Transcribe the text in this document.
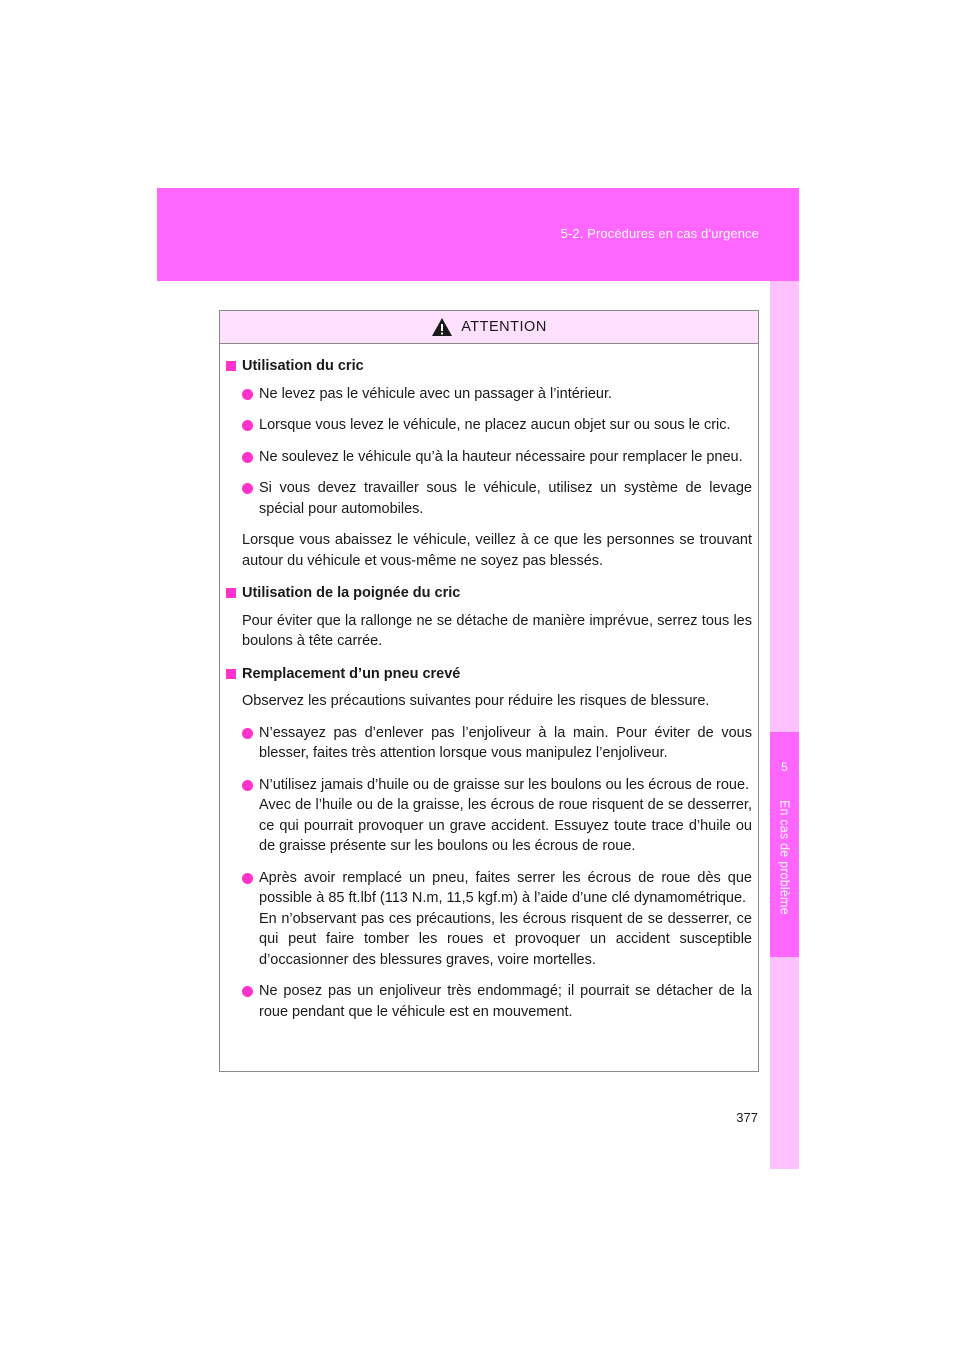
5-2. Procédures en cas d’urgence
5
En cas de problème
ATTENTION
Utilisation du cric
Ne levez pas le véhicule avec un passager à l’intérieur.
Lorsque vous levez le véhicule, ne placez aucun objet sur ou sous le cric.
Ne soulevez le véhicule qu’à la hauteur nécessaire pour remplacer le pneu.
Si vous devez travailler sous le véhicule, utilisez un système de levage spécial pour automobiles.
Lorsque vous abaissez le véhicule, veillez à ce que les personnes se trouvant autour du véhicule et vous-même ne soyez pas blessés.
Utilisation de la poignée du cric
Pour éviter que la rallonge ne se détache de manière imprévue, serrez tous les boulons à tête carrée.
Remplacement d’un pneu crevé
Observez les précautions suivantes pour réduire les risques de blessure.
N’essayez pas d’enlever pas l’enjoliveur à la main. Pour éviter de vous blesser, faites très attention lorsque vous manipulez l’enjoliveur.
N’utilisez jamais d’huile ou de graisse sur les boulons ou les écrous de roue.
Avec de l’huile ou de la graisse, les écrous de roue risquent de se desserrer, ce qui pourrait provoquer un grave accident. Essuyez toute trace d’huile ou de graisse présente sur les boulons ou les écrous de roue.
Après avoir remplacé un pneu, faites serrer les écrous de roue dès que possible à 85 ft.lbf (113 N.m, 11,5 kgf.m) à l’aide d’une clé dynamométrique.
En n’observant pas ces précautions, les écrous risquent de se desserrer, ce qui peut faire tomber les roues et provoquer un accident susceptible d’occasionner des blessures graves, voire mortelles.
Ne posez pas un enjoliveur très endommagé; il pourrait se détacher de la roue pendant que le véhicule est en mouvement.
377
